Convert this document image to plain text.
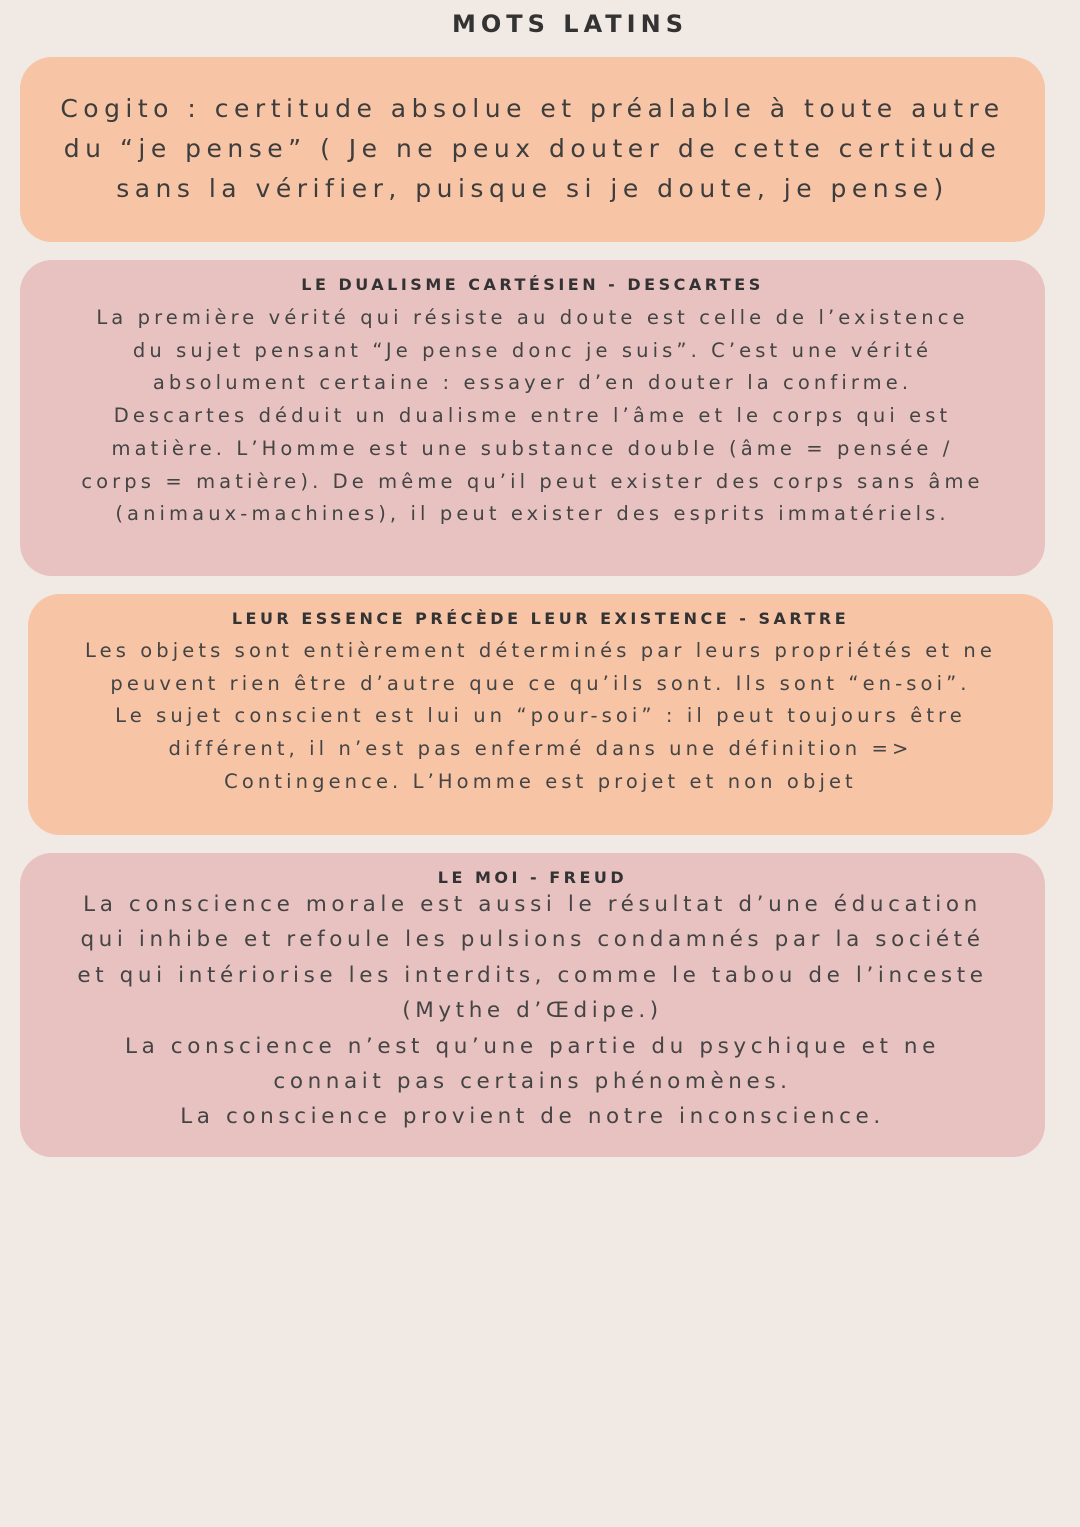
MOTS LATINS
Cogito : certitude absolue et préalable à toute autre
du “je pense” ( Je ne peux douter de cette certitude
sans la vérifier, puisque si je doute, je pense)
LE DUALISME CARTÉSIEN - DESCARTES
La première vérité qui résiste au doute est celle de l’existence
du sujet pensant “Je pense donc je suis”. C’est une vérité
absolument certaine : essayer d’en douter la confirme.
Descartes déduit un dualisme entre l’âme et le corps qui est
matière. L’Homme est une substance double (âme = pensée /
corps = matière). De même qu’il peut exister des corps sans âme
(animaux-machines), il peut exister des esprits immatériels.
LEUR ESSENCE PRÉCÈDE LEUR EXISTENCE - SARTRE
Les objets sont entièrement déterminés par leurs propriétés et ne
peuvent rien être d’autre que ce qu’ils sont. Ils sont “en-soi”.
Le sujet conscient est lui un “pour-soi” : il peut toujours être
différent, il n’est pas enfermé dans une définition =>
Contingence. L’Homme est projet et non objet
LE MOI - FREUD
La conscience morale est aussi le résultat d’une éducation
qui inhibe et refoule les pulsions condamnés par la société
et qui intériorise les interdits, comme le tabou de l’inceste
(Mythe d’Œdipe.)
La conscience n’est qu’une partie du psychique et ne
connait pas certains phénomènes.
La conscience provient de notre inconscience.
